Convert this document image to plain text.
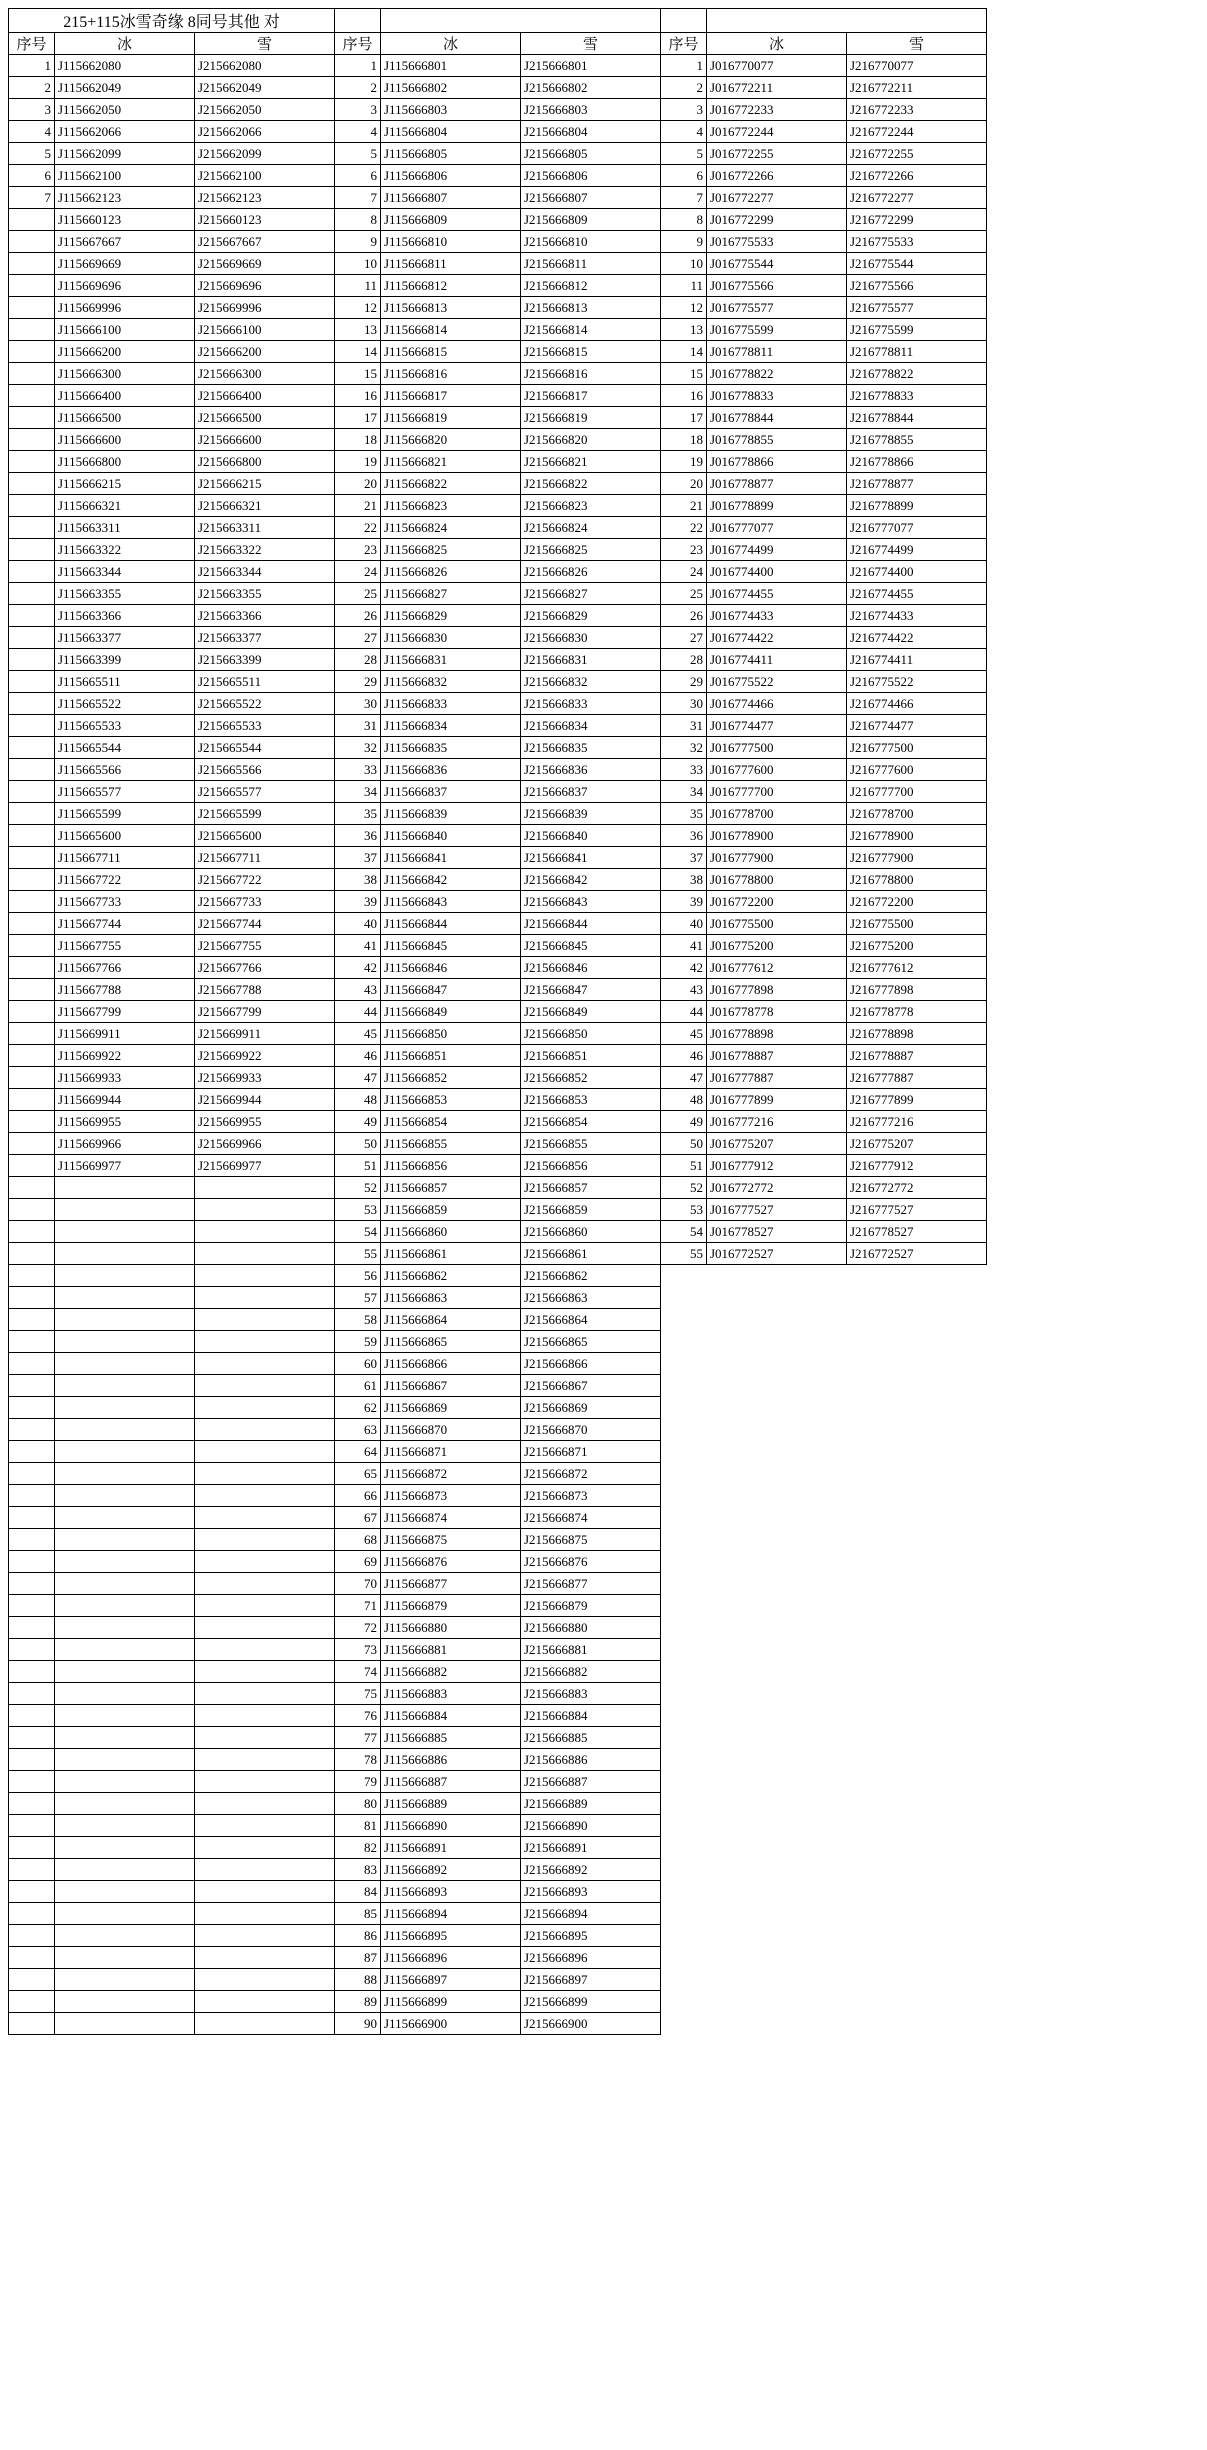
215+115冰雪奇缘 8同号其他 对								
序号	冰	雪	序号	冰	雪	序号	冰	雪
1	J115662080	J215662080	1	J115666801	J215666801	1	J016770077	J216770077
2	J115662049	J215662049	2	J115666802	J215666802	2	J016772211	J216772211
3	J115662050	J215662050	3	J115666803	J215666803	3	J016772233	J216772233
4	J115662066	J215662066	4	J115666804	J215666804	4	J016772244	J216772244
5	J115662099	J215662099	5	J115666805	J215666805	5	J016772255	J216772255
6	J115662100	J215662100	6	J115666806	J215666806	6	J016772266	J216772266
7	J115662123	J215662123	7	J115666807	J215666807	7	J016772277	J216772277
	J115660123	J215660123	8	J115666809	J215666809	8	J016772299	J216772299
	J115667667	J215667667	9	J115666810	J215666810	9	J016775533	J216775533
	J115669669	J215669669	10	J115666811	J215666811	10	J016775544	J216775544
	J115669696	J215669696	11	J115666812	J215666812	11	J016775566	J216775566
	J115669996	J215669996	12	J115666813	J215666813	12	J016775577	J216775577
	J115666100	J215666100	13	J115666814	J215666814	13	J016775599	J216775599
	J115666200	J215666200	14	J115666815	J215666815	14	J016778811	J216778811
	J115666300	J215666300	15	J115666816	J215666816	15	J016778822	J216778822
	J115666400	J215666400	16	J115666817	J215666817	16	J016778833	J216778833
	J115666500	J215666500	17	J115666819	J215666819	17	J016778844	J216778844
	J115666600	J215666600	18	J115666820	J215666820	18	J016778855	J216778855
	J115666800	J215666800	19	J115666821	J215666821	19	J016778866	J216778866
	J115666215	J215666215	20	J115666822	J215666822	20	J016778877	J216778877
	J115666321	J215666321	21	J115666823	J215666823	21	J016778899	J216778899
	J115663311	J215663311	22	J115666824	J215666824	22	J016777077	J216777077
	J115663322	J215663322	23	J115666825	J215666825	23	J016774499	J216774499
	J115663344	J215663344	24	J115666826	J215666826	24	J016774400	J216774400
	J115663355	J215663355	25	J115666827	J215666827	25	J016774455	J216774455
	J115663366	J215663366	26	J115666829	J215666829	26	J016774433	J216774433
	J115663377	J215663377	27	J115666830	J215666830	27	J016774422	J216774422
	J115663399	J215663399	28	J115666831	J215666831	28	J016774411	J216774411
	J115665511	J215665511	29	J115666832	J215666832	29	J016775522	J216775522
	J115665522	J215665522	30	J115666833	J215666833	30	J016774466	J216774466
	J115665533	J215665533	31	J115666834	J215666834	31	J016774477	J216774477
	J115665544	J215665544	32	J115666835	J215666835	32	J016777500	J216777500
	J115665566	J215665566	33	J115666836	J215666836	33	J016777600	J216777600
	J115665577	J215665577	34	J115666837	J215666837	34	J016777700	J216777700
	J115665599	J215665599	35	J115666839	J215666839	35	J016778700	J216778700
	J115665600	J215665600	36	J115666840	J215666840	36	J016778900	J216778900
	J115667711	J215667711	37	J115666841	J215666841	37	J016777900	J216777900
	J115667722	J215667722	38	J115666842	J215666842	38	J016778800	J216778800
	J115667733	J215667733	39	J115666843	J215666843	39	J016772200	J216772200
	J115667744	J215667744	40	J115666844	J215666844	40	J016775500	J216775500
	J115667755	J215667755	41	J115666845	J215666845	41	J016775200	J216775200
	J115667766	J215667766	42	J115666846	J215666846	42	J016777612	J216777612
	J115667788	J215667788	43	J115666847	J215666847	43	J016777898	J216777898
	J115667799	J215667799	44	J115666849	J215666849	44	J016778778	J216778778
	J115669911	J215669911	45	J115666850	J215666850	45	J016778898	J216778898
	J115669922	J215669922	46	J115666851	J215666851	46	J016778887	J216778887
	J115669933	J215669933	47	J115666852	J215666852	47	J016777887	J216777887
	J115669944	J215669944	48	J115666853	J215666853	48	J016777899	J216777899
	J115669955	J215669955	49	J115666854	J215666854	49	J016777216	J216777216
	J115669966	J215669966	50	J115666855	J215666855	50	J016775207	J216775207
	J115669977	J215669977	51	J115666856	J215666856	51	J016777912	J216777912
			52	J115666857	J215666857	52	J016772772	J216772772
			53	J115666859	J215666859	53	J016777527	J216777527
			54	J115666860	J215666860	54	J016778527	J216778527
			55	J115666861	J215666861	55	J016772527	J216772527
			56	J115666862	J215666862			
			57	J115666863	J215666863			
			58	J115666864	J215666864			
			59	J115666865	J215666865			
			60	J115666866	J215666866			
			61	J115666867	J215666867			
			62	J115666869	J215666869			
			63	J115666870	J215666870			
			64	J115666871	J215666871			
			65	J115666872	J215666872			
			66	J115666873	J215666873			
			67	J115666874	J215666874			
			68	J115666875	J215666875			
			69	J115666876	J215666876			
			70	J115666877	J215666877			
			71	J115666879	J215666879			
			72	J115666880	J215666880			
			73	J115666881	J215666881			
			74	J115666882	J215666882			
			75	J115666883	J215666883			
			76	J115666884	J215666884			
			77	J115666885	J215666885			
			78	J115666886	J215666886			
			79	J115666887	J215666887			
			80	J115666889	J215666889			
			81	J115666890	J215666890			
			82	J115666891	J215666891			
			83	J115666892	J215666892			
			84	J115666893	J215666893			
			85	J115666894	J215666894			
			86	J115666895	J215666895			
			87	J115666896	J215666896			
			88	J115666897	J215666897			
			89	J115666899	J215666899			
			90	J115666900	J215666900			
